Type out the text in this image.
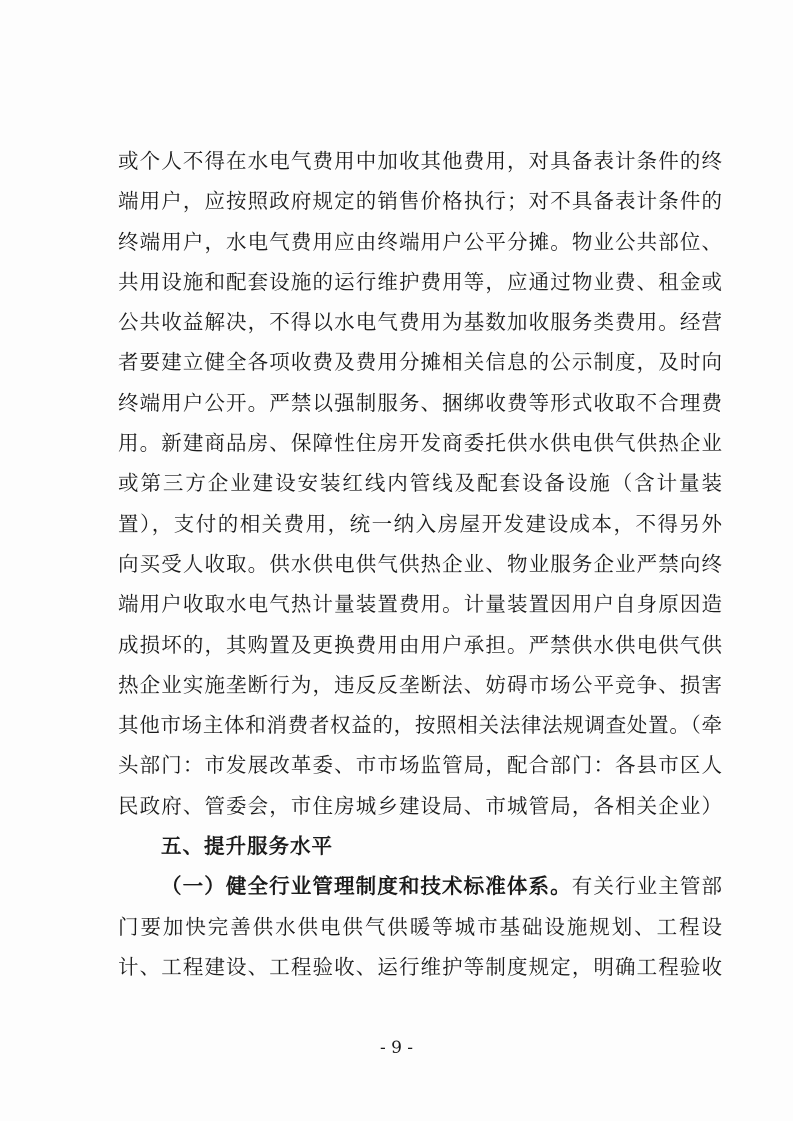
或个人不得在水电气费用中加收其他费用，对具备表计条件的终
端用户，应按照政府规定的销售价格执行；对不具备表计条件的
终端用户，水电气费用应由终端用户公平分摊。物业公共部位、
共用设施和配套设施的运行维护费用等，应通过物业费、租金或
公共收益解决，不得以水电气费用为基数加收服务类费用。经营
者要建立健全各项收费及费用分摊相关信息的公示制度，及时向
终端用户公开。严禁以强制服务、捆绑收费等形式收取不合理费
用。新建商品房、保障性住房开发商委托供水供电供气供热企业
或第三方企业建设安装红线内管线及配套设备设施（含计量装
置），支付的相关费用，统一纳入房屋开发建设成本，不得另外
向买受人收取。供水供电供气供热企业、物业服务企业严禁向终
端用户收取水电气热计量装置费用。计量装置因用户自身原因造
成损坏的，其购置及更换费用由用户承担。严禁供水供电供气供
热企业实施垄断行为，违反反垄断法、妨碍市场公平竞争、损害
其他市场主体和消费者权益的，按照相关法律法规调查处置。（牵
头部门：市发展改革委、市市场监管局，配合部门：各县市区人
民政府、管委会，市住房城乡建设局、市城管局，各相关企业）
五、提升服务水平
（一）健全行业管理制度和技术标准体系。有关行业主管部
门要加快完善供水供电供气供暖等城市基础设施规划、工程设
计、工程建设、工程验收、运行维护等制度规定，明确工程验收
- 9 -
